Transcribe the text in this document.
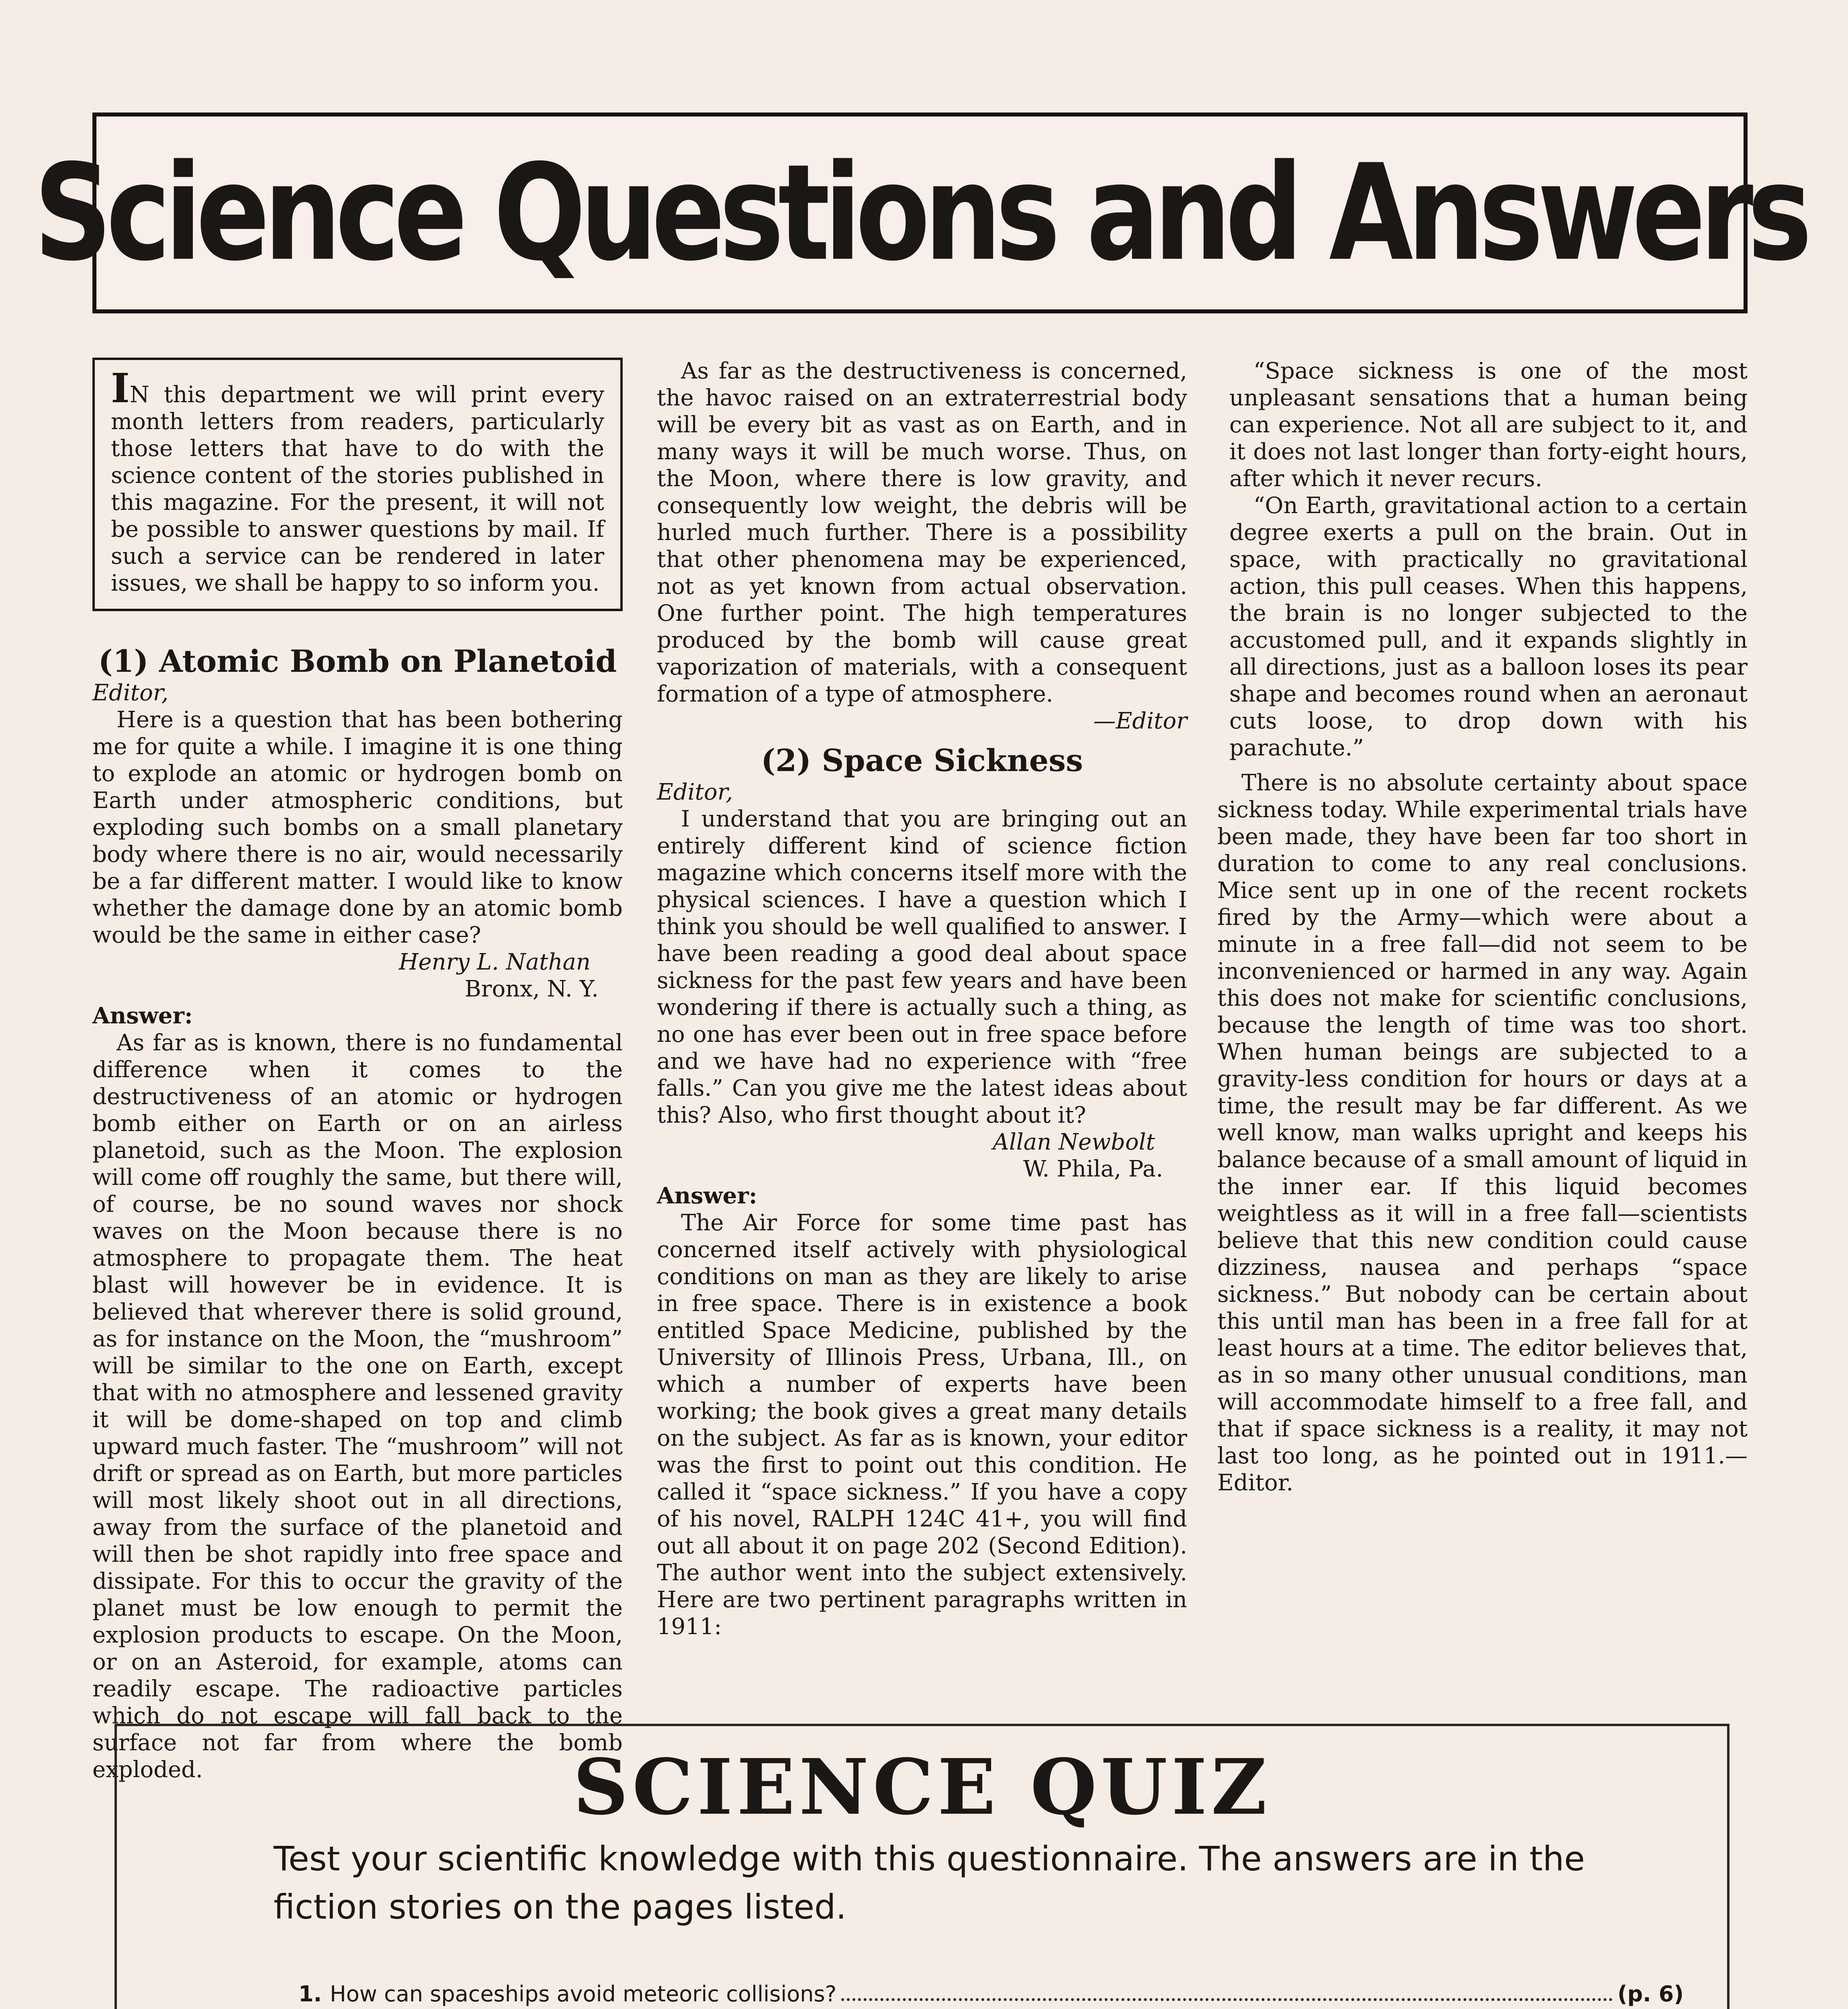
Science Questions and Answers

IN this department we will print every month letters from readers, particularly those letters that have to do with the science content of the stories published in this magazine. For the present, it will not be possible to answer questions by mail. If such a service can be rendered in later issues, we shall be happy to so inform you.

(1) Atomic Bomb on Planetoid

Editor,

Here is a question that has been bothering me for quite a while. I imagine it is one thing to explode an atomic or hydrogen bomb on Earth under atmospheric conditions, but exploding such bombs on a small planetary body where there is no air, would necessarily be a far different matter. I would like to know whether the damage done by an atomic bomb would be the same in either case?

Henry L. Nathan

Bronx, N. Y.

Answer:

As far as is known, there is no fundamental difference when it comes to the destructiveness of an atomic or hydrogen bomb either on Earth or on an airless planetoid, such as the Moon. The explosion will come off roughly the same, but there will, of course, be no sound waves nor shock waves on the Moon because there is no atmosphere to propagate them. The heat blast will however be in evidence. It is believed that wherever there is solid ground, as for instance on the Moon, the “mushroom” will be similar to the one on Earth, except that with no atmosphere and lessened gravity it will be dome-shaped on top and climb upward much faster. The “mushroom” will not drift or spread as on Earth, but more particles will most likely shoot out in all directions, away from the surface of the planetoid and will then be shot rapidly into free space and dissipate. For this to occur the gravity of the planet must be low enough to permit the explosion products to escape. On the Moon, or on an Asteroid, for example, atoms can readily escape. The radioactive particles which do not escape will fall back to the surface not far from where the bomb exploded.

As far as the destructiveness is concerned, the havoc raised on an extraterrestrial body will be every bit as vast as on Earth, and in many ways it will be much worse. Thus, on the Moon, where there is low gravity, and consequently low weight, the debris will be hurled much further. There is a possibility that other phenomena may be experienced, not as yet known from actual observation. One further point. The high temperatures produced by the bomb will cause great vaporization of materials, with a consequent formation of a type of atmosphere.

—Editor

(2) Space Sickness

Editor,

I understand that you are bringing out an entirely different kind of science fiction magazine which concerns itself more with the physical sciences. I have a question which I think you should be well qualified to answer. I have been reading a good deal about space sickness for the past few years and have been wondering if there is actually such a thing, as no one has ever been out in free space before and we have had no experience with “free falls.” Can you give me the latest ideas about this? Also, who first thought about it?

Allan Newbolt

W. Phila, Pa.

Answer:

The Air Force for some time past has concerned itself actively with physiological conditions on man as they are likely to arise in free space. There is in existence a book entitled Space Medicine, published by the University of Illinois Press, Urbana, Ill., on which a number of experts have been working; the book gives a great many details on the subject. As far as is known, your editor was the first to point out this condition. He called it “space sickness.” If you have a copy of his novel, RALPH 124C 41+, you will find out all about it on page 202 (Second Edition). The author went into the subject extensively. Here are two pertinent paragraphs written in 1911:

“Space sickness is one of the most unpleasant sensations that a human being can experience. Not all are subject to it, and it does not last longer than forty-eight hours, after which it never recurs.

“On Earth, gravitational action to a certain degree exerts a pull on the brain. Out in space, with practically no gravitational action, this pull ceases. When this happens, the brain is no longer subjected to the accustomed pull, and it expands slightly in all directions, just as a balloon loses its pear shape and becomes round when an aeronaut cuts loose, to drop down with his parachute.”

There is no absolute certainty about space sickness today. While experimental trials have been made, they have been far too short in duration to come to any real conclusions. Mice sent up in one of the recent rockets fired by the Army—which were about a minute in a free fall—did not seem to be inconvenienced or harmed in any way. Again this does not make for scientific conclusions, because the length of time was too short. When human beings are subjected to a gravity-less condition for hours or days at a time, the result may be far different. As we well know, man walks upright and keeps his balance because of a small amount of liquid in the inner ear. If this liquid becomes weightless as it will in a free fall—scientists believe that this new condition could cause dizziness, nausea and perhaps “space sickness.” But nobody can be certain about this until man has been in a free fall for at least hours at a time. The editor believes that, as in so many other unusual conditions, man will accommodate himself to a free fall, and that if space sickness is a reality, it may not last too long, as he pointed out in 1911.—Editor.

SCIENCE QUIZ
Test your scientific knowledge with this questionnaire. The answers are in the fiction stories on the pages listed.
1. How can spaceships avoid meteoric collisions?	(p. 6)
